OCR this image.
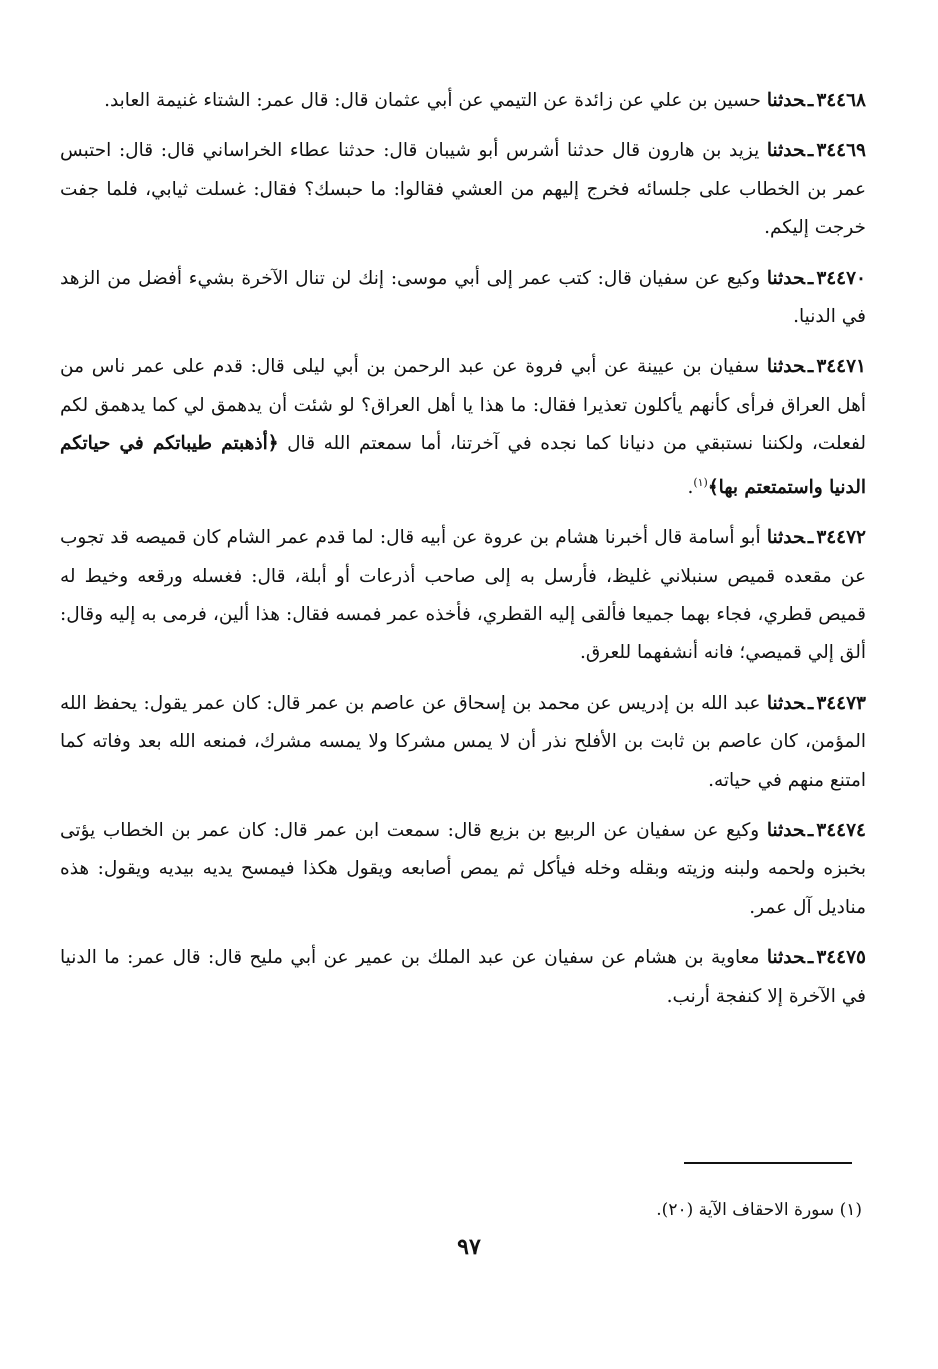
٣٤٤٦٨ـحدثنا حسين بن علي عن زائدة عن التيمي عن أبي عثمان قال: قال عمر: الشتاء غنيمة العابد.

٣٤٤٦٩ـحدثنا يزيد بن هارون قال حدثنا أشرس أبو شيبان قال: حدثنا عطاء الخراساني قال: قال: احتبس عمر بن الخطاب على جلسائه فخرج إليهم من العشي فقالوا: ما حبسك؟ فقال: غسلت ثيابي، فلما جفت خرجت إليكم.

٣٤٤٧٠ـحدثنا وكيع عن سفيان قال: كتب عمر إلى أبي موسى: إنك لن تنال الآخرة بشيء أفضل من الزهد في الدنيا.

٣٤٤٧١ـحدثنا سفيان بن عيينة عن أبي فروة عن عبد الرحمن بن أبي ليلى قال: قدم على عمر ناس من أهل العراق فرأى كأنهم يأكلون تعذيرا فقال: ما هذا يا أهل العراق؟ لو شئت أن يدهمق لي كما يدهمق لكم لفعلت، ولكننا نستبقي من دنيانا كما نجده في آخرتنا، أما سمعتم الله قال ﴿أذهبتم طيباتكم في حياتكم الدنيا واستمتعتم بها﴾$^{(١)}$.

٣٤٤٧٢ـحدثنا أبو أسامة قال أخبرنا هشام بن عروة عن أبيه قال: لما قدم عمر الشام كان قميصه قد تجوب عن مقعده قميص سنبلاني غليظ، فأرسل به إلى صاحب أذرعات أو أبلة، قال: فغسله ورقعه وخيط له قميص قطري، فجاء بهما جميعا فألقى إليه القطري، فأخذه عمر فمسه فقال: هذا ألين، فرمى به إليه وقال: ألق إلي قميصي؛ فانه أنشفهما للعرق.

٣٤٤٧٣ـحدثنا عبد الله بن إدريس عن محمد بن إسحاق عن عاصم بن عمر قال: كان عمر يقول: يحفظ الله المؤمن، كان عاصم بن ثابت بن الأفلح نذر أن لا يمس مشركا ولا يمسه مشرك، فمنعه الله بعد وفاته كما امتنع منهم في حياته.

٣٤٤٧٤ـحدثنا وكيع عن سفيان عن الربيع بن بزيع قال: سمعت ابن عمر قال: كان عمر بن الخطاب يؤتى بخبزه ولحمه ولبنه وزيته وبقله وخله فيأكل ثم يمص أصابعه ويقول هكذا فيمسح يديه بيديه ويقول: هذه مناديل آل عمر.

٣٤٤٧٥ـحدثنا معاوية بن هشام عن سفيان عن عبد الملك بن عمير عن أبي مليح قال: قال عمر: ما الدنيا في الآخرة إلا كنفجة أرنب.

(١) سورة الاحقاف الآية (٢٠).
٩٧
